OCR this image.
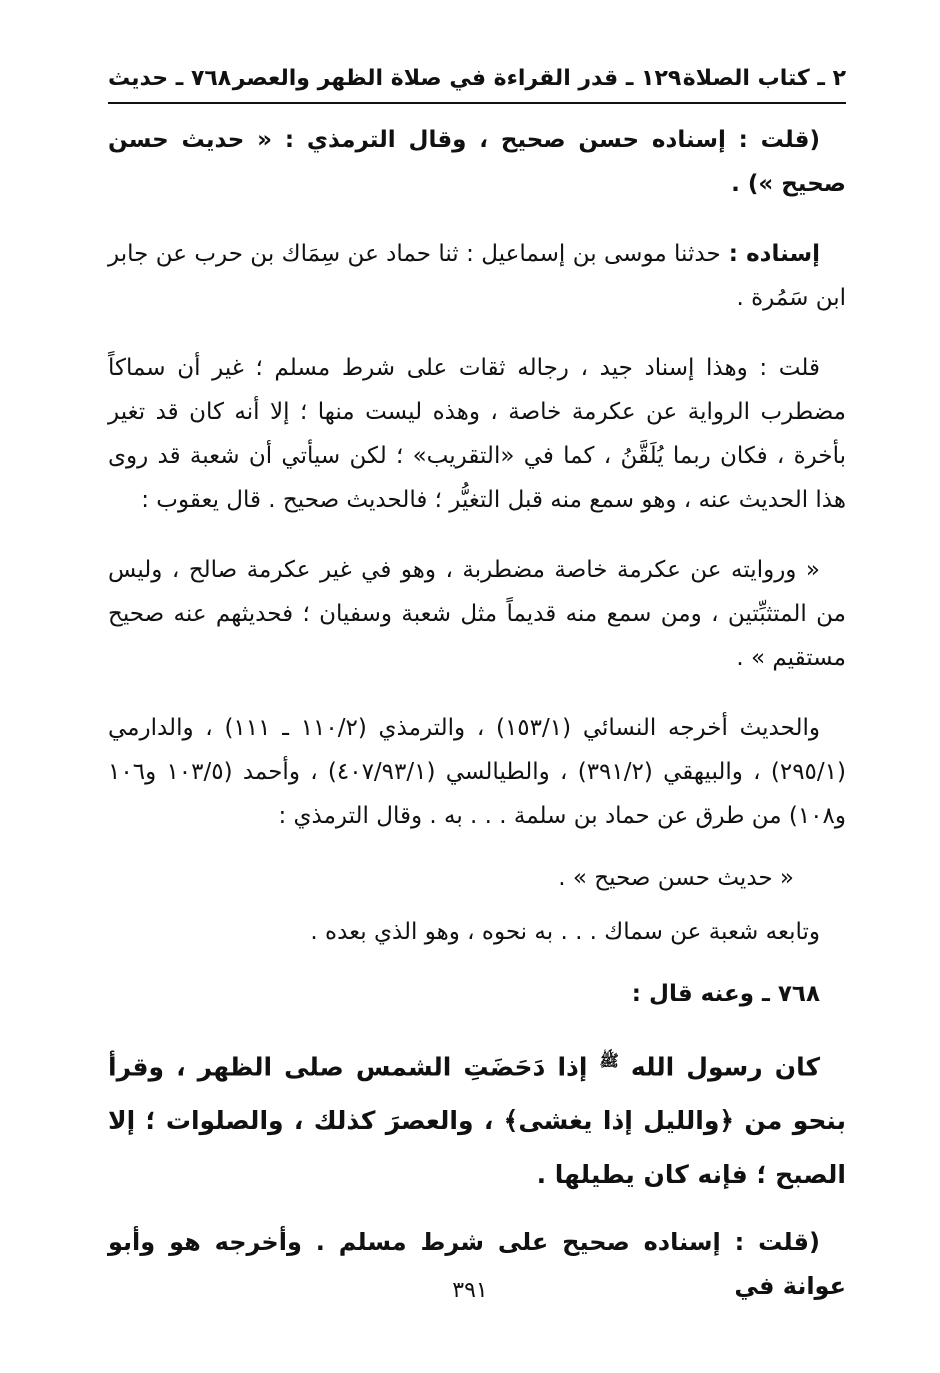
٢ ـ كتاب الصلاة
١٢٩ ـ قدر القراءة في صلاة الظهر والعصر
٧٦٨ ـ حديث

(قلت : إسناده حسن صحيح ، وقال الترمذي : « حديث حسن صحيح ») .

إسناده : حدثنا موسى بن إسماعيل : ثنا حماد عن سِمَاك بن حرب عن جابر ابن سَمُرة .

قلت : وهذا إسناد جيد ، رجاله ثقات على شرط مسلم ؛ غير أن سماكاً مضطرب الرواية عن عكرمة خاصة ، وهذه ليست منها ؛ إلا أنه كان قد تغير بأخرة ، فكان ربما يُلَقَّنُ ، كما في «التقريب» ؛ لكن سيأتي أن شعبة قد روى هذا الحديث عنه ، وهو سمع منه قبل التغيُّر ؛ فالحديث صحيح . قال يعقوب :

« وروايته عن عكرمة خاصة مضطربة ، وهو في غير عكرمة صالح ، وليس من المتثبِّتين ، ومن سمع منه قديماً مثل شعبة وسفيان ؛ فحديثهم عنه صحيح مستقيم » .

والحديث أخرجه النسائي (١٥٣/١) ، والترمذي (١١٠/٢ ـ ١١١) ، والدارمي (٢٩٥/١) ، والبيهقي (٣٩١/٢) ، والطيالسي (٤٠٧/٩٣/١) ، وأحمد (١٠٣/٥ و١٠٦ و١٠٨) من طرق عن حماد بن سلمة . . . به . وقال الترمذي :

« حديث حسن صحيح » .

وتابعه شعبة عن سماك . . . به نحوه ، وهو الذي بعده .

٧٦٨ ـ وعنه قال :

كان رسول الله $^ﷺ$ إذا دَحَضَتِ الشمس صلى الظهر ، وقرأ بنحو من ﴿والليل إذا يغشى﴾ ، والعصرَ كذلك ، والصلوات ؛ إلا الصبح ؛ فإنه كان يطيلها .

(قلت : إسناده صحيح على شرط مسلم . وأخرجه هو وأبو عوانة في

٣٩١
